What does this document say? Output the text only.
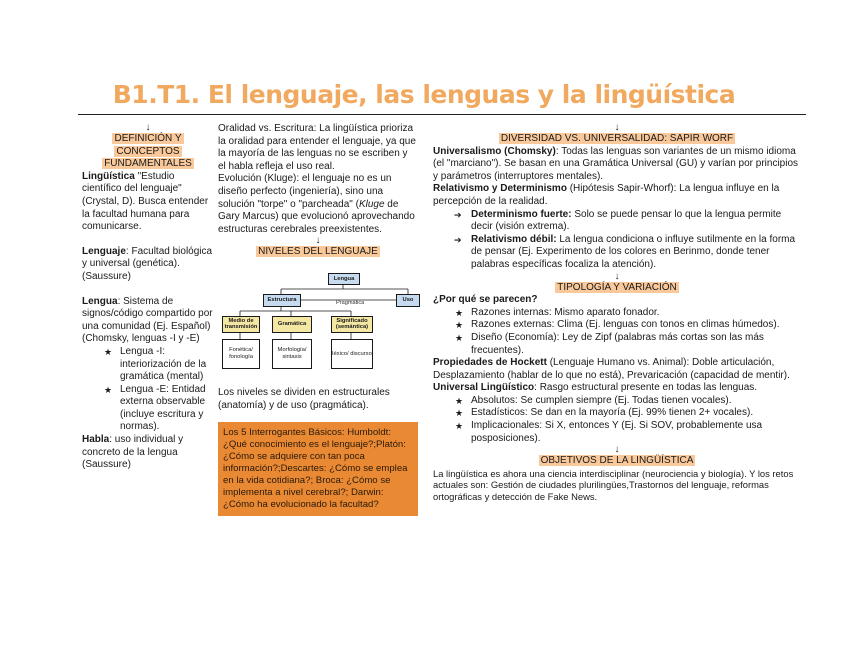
B1.T1. El lenguaje, las lenguas y la lingüística
↓
DEFINICIÓN Y
CONCEPTOS
FUNDAMENTALES

Lingüística "Estudio científico del lenguaje" (Crystal, D). Busca entender la facultad humana para comunicarse.

Lenguaje: Facultad biológica y universal (genética). (Saussure)

Lengua: Sistema de signos/código compartido por una comunidad (Ej. Español) (Chomsky, lenguas -I y -E)

★ Lengua -I: interiorización de la gramática (mental)
★ Lengua -E: Entidad externa observable (incluye escritura y normas).

Habla: uso individual y concreto de la lengua (Saussure)

Oralidad vs. Escritura: La lingüística prioriza la oralidad para entender el lenguaje, ya que la mayoría de las lenguas no se escriben y el habla refleja el uso real.

Evolución (Kluge): el lenguaje no es un diseño perfecto (ingeniería), sino una solución "torpe" o "parcheada" (Kluge de Gary Marcus) que evolucionó aprovechando estructuras cerebrales preexistentes.

↓
NIVELES DEL LENGUAJE
Lengua
Estructura	Pragmática	Uso
Medio de transmisión
Gramática
Significado (semántica)
Fonética/ fonología
Morfología/ sintaxis
léxico/ discurso

Los niveles se dividen en estructurales (anatomía) y de uso (pragmática).

Los 5 Interrogantes Básicos: Humboldt: ¿Qué conocimiento es el lenguaje?;Platón: ¿Cómo se adquiere con tan poca información?;Descartes: ¿Cómo se emplea en la vida cotidiana?; Broca: ¿Cómo se implementa a nivel cerebral?; Darwin: ¿Cómo ha evolucionado la facultad?
↓
DIVERSIDAD VS. UNIVERSALIDAD: SAPIR WORF

Universalismo (Chomsky): Todas las lenguas son variantes de un mismo idioma (el "marciano"). Se basan en una Gramática Universal (GU) y varían por principios y parámetros (interruptores mentales).

Relativismo y Determinismo (Hipótesis Sapir-Whorf): La lengua influye en la percepción de la realidad.

➔ Determinismo fuerte: Solo se puede pensar lo que la lengua permite decir (visión extrema).
➔ Relativismo débil: La lengua condiciona o influye sutilmente en la forma de pensar (Ej. Experimento de los colores en Berinmo, donde tener palabras específicas focaliza la atención).
↓
TIPOLOGÍA Y VARIACIÓN

¿Por qué se parecen?

★ Razones internas: Mismo aparato fonador.
★ Razones externas: Clima (Ej. lenguas con tonos en climas húmedos).
★ Diseño (Economía): Ley de Zipf (palabras más cortas son las más frecuentes).

Propiedades de Hockett (Lenguaje Humano vs. Animal): Doble articulación, Desplazamiento (hablar de lo que no está), Prevaricación (capacidad de mentir).

Universal Lingüístico: Rasgo estructural presente en todas las lenguas.

★ Absolutos: Se cumplen siempre (Ej. Todas tienen vocales).
★ Estadísticos: Se dan en la mayoría (Ej. 99% tienen 2+ vocales).
★ Implicacionales: Si X, entonces Y (Ej. Si SOV, probablemente usa posposiciones).
↓
OBJETIVOS DE LA LINGÜÍSTICA

La lingüística es ahora una ciencia interdisciplinar (neurociencia y biología). Y los retos actuales son: Gestión de ciudades plurilingües,Trastornos del lenguaje, reformas ortográficas y detección de Fake News.
